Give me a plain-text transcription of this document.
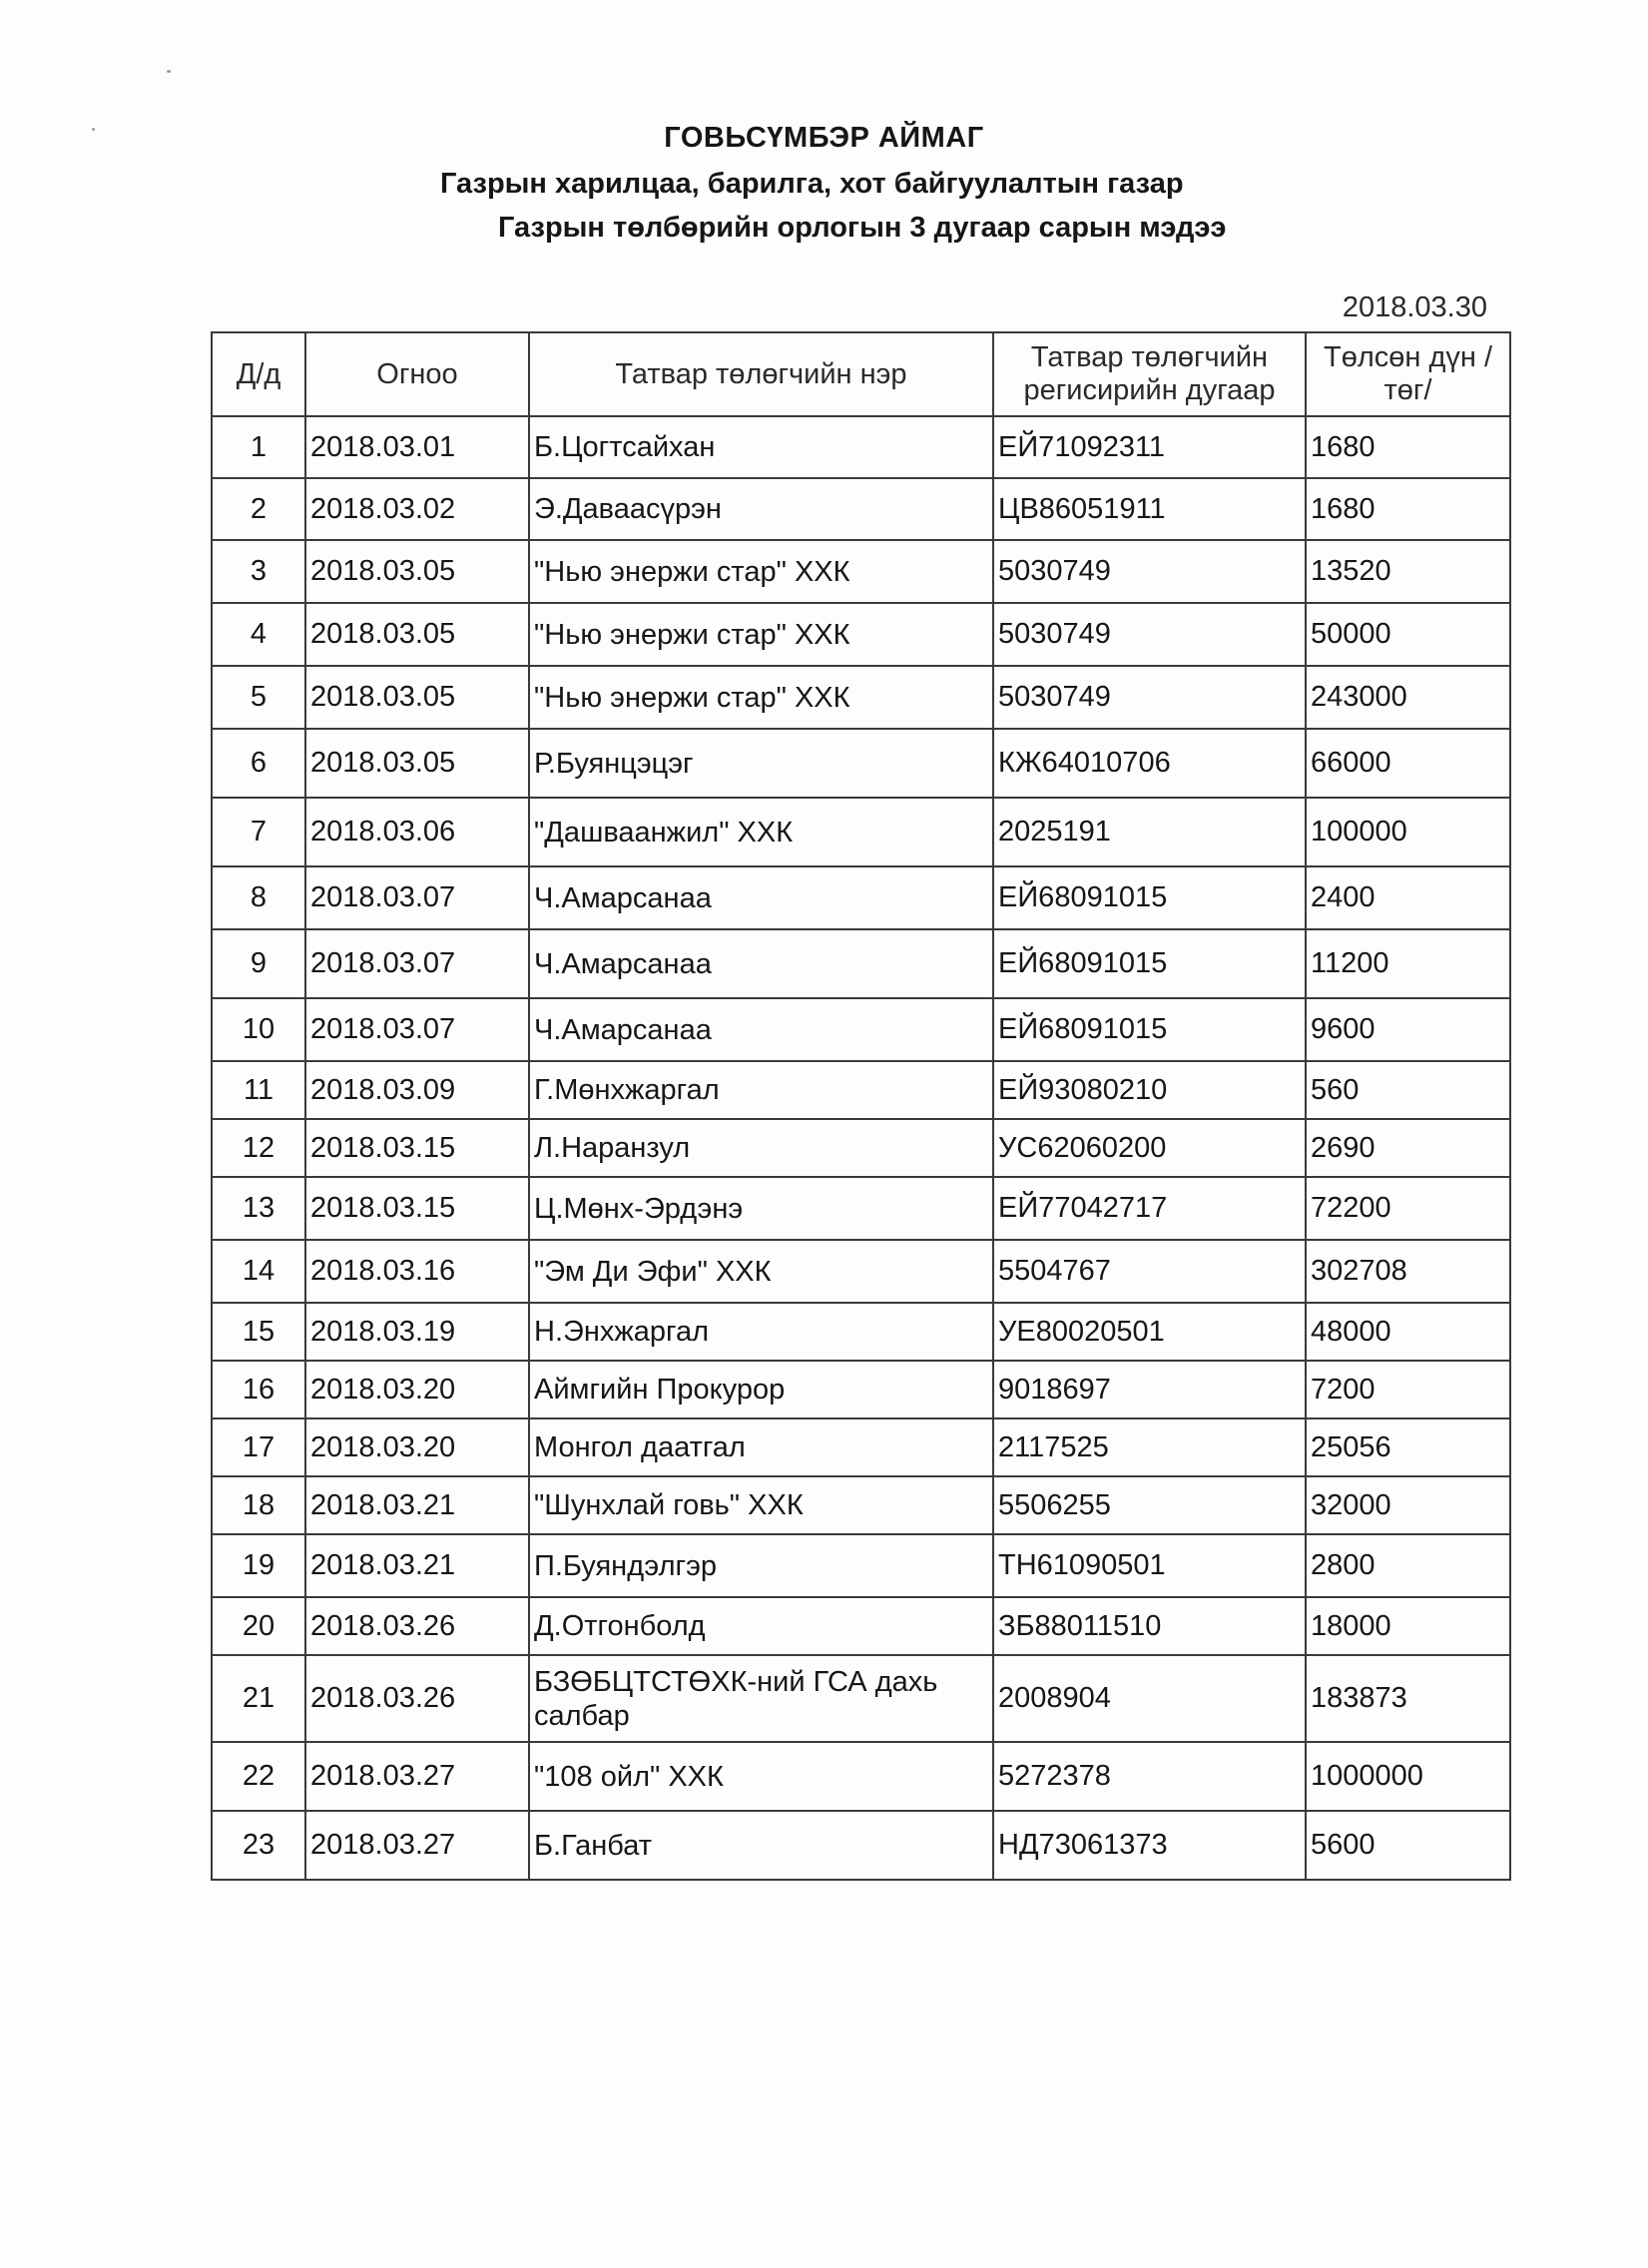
ГОВЬСҮМБЭР АЙМАГ
Газрын харилцаа, барилга, хот байгуулалтын газар
Газрын төлбөрийн орлогын 3 дугаар сарын мэдээ
2018.03.30
Д/д	Огноо	Татвар төлөгчийн нэр	Татвар төлөгчийн регисирийн дугаар	Төлсөн дүн /төг/
1	2018.03.01	Б.Цогтсайхан	ЕЙ71092311	1680
2	2018.03.02	Э.Даваасүрэн	ЦВ86051911	1680
3	2018.03.05	"Нью энержи стар" ХХК	5030749	13520
4	2018.03.05	"Нью энержи стар" ХХК	5030749	50000
5	2018.03.05	"Нью энержи стар" ХХК	5030749	243000
6	2018.03.05	Р.Буянцэцэг	КЖ64010706	66000
7	2018.03.06	"Дашваанжил" ХХК	2025191	100000
8	2018.03.07	Ч.Амарсанаа	ЕЙ68091015	2400
9	2018.03.07	Ч.Амарсанаа	ЕЙ68091015	11200
10	2018.03.07	Ч.Амарсанаа	ЕЙ68091015	9600
11	2018.03.09	Г.Мөнхжаргал	ЕЙ93080210	560
12	2018.03.15	Л.Наранзул	УС62060200	2690
13	2018.03.15	Ц.Мөнх-Эрдэнэ	ЕЙ77042717	72200
14	2018.03.16	"Эм Ди Эфи" ХХК	5504767	302708
15	2018.03.19	Н.Энхжаргал	УЕ80020501	48000
16	2018.03.20	Аймгийн Прокурор	9018697	7200
17	2018.03.20	Монгол даатгал	2117525	25056
18	2018.03.21	"Шунхлай говь" ХХК	5506255	32000
19	2018.03.21	П.Буяндэлгэр	ТН61090501	2800
20	2018.03.26	Д.Отгонболд	ЗБ88011510	18000
21	2018.03.26	БЗӨБЦТСТӨХК-ний ГСА дахь салбар	2008904	183873
22	2018.03.27	"108 ойл" ХХК	5272378	1000000
23	2018.03.27	Б.Ганбат	НД73061373	5600
